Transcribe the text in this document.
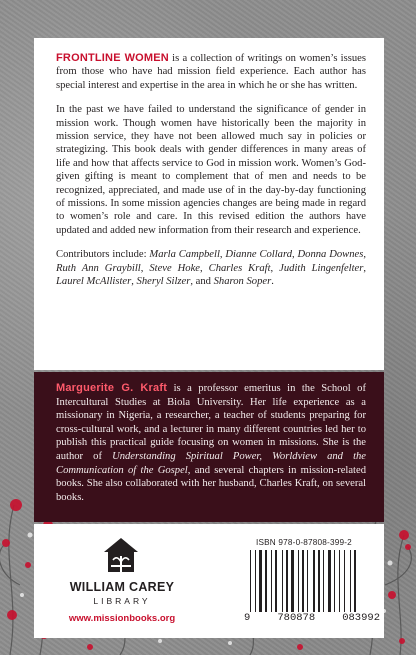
FRONTLINE WOMEN is a collection of writings on women’s issues from those who have had mission field experience. Each author has special interest and expertise in the area in which he or she has written.

In the past we have failed to understand the significance of gender in mission work. Though women have historically been the majority in mission service, they have not been allowed much say in policies or strategizing. This book deals with gender differences in many areas of life and how that affects service to God in mission work. Women’s God-given gifting is meant to complement that of men and needs to be recognized, appreciated, and made use of in the day-by-day functioning of missions. In some mission agencies changes are being made in regard to women’s role and care. In this revised edition the authors have updated and added new information from their research and experience.

Contributors include: Marla Campbell, Dianne Collard, Donna Downes, Ruth Ann Graybill, Steve Hoke, Charles Kraft, Judith Lingenfelter, Laurel McAllister, Sheryl Silzer, and Sharon Soper.

Marguerite G. Kraft is a professor emeritus in the School of Intercultural Studies at Biola University. Her life experience as a missionary in Nigeria, a researcher, a teacher of students preparing for cross-cultural work, and a lecturer in many different countries led her to publish this practical guide focusing on women in missions. She is the author of Understanding Spiritual Power, Worldview and the Communication of the Gospel, and several chapters in mission-related books. She also collaborated with her husband, Charles Kraft, on several books.
WILLIAM CAREY
LIBRARY
www.missionbooks.org
ISBN 978-0-87808-399-2
9	780878	083992
